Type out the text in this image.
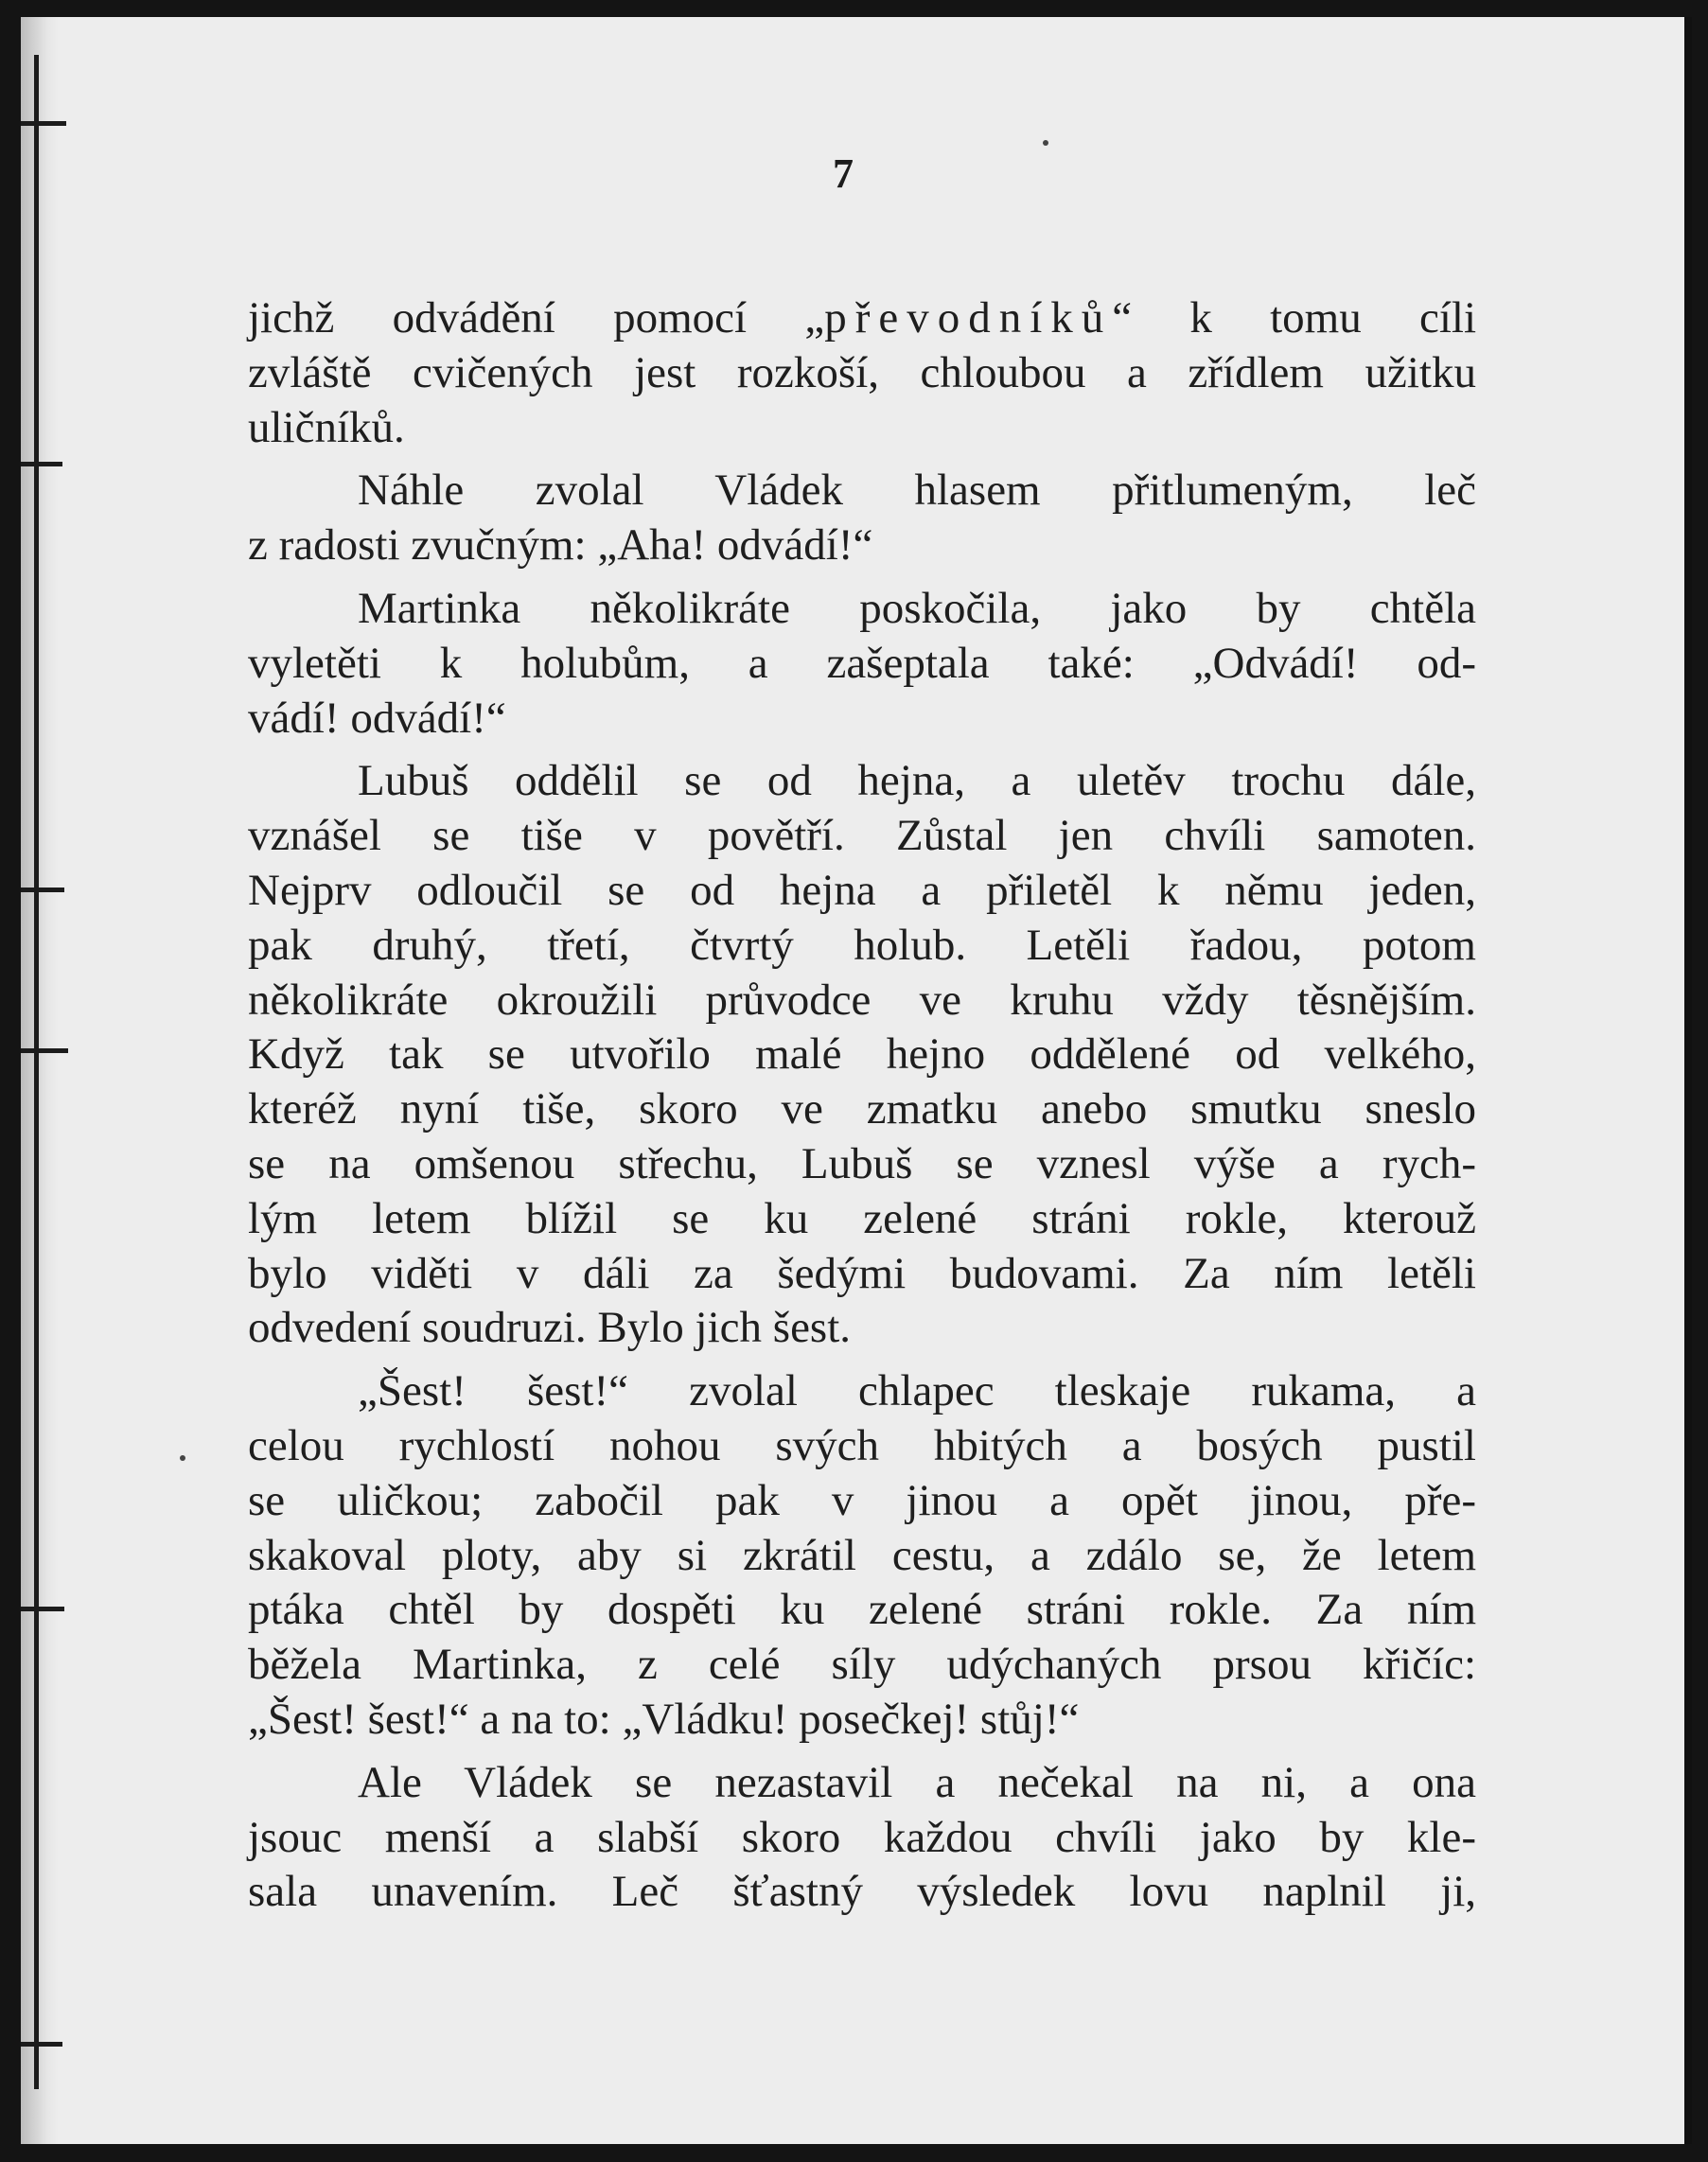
7
jichž odvádění pomocí „převodníků“ k tomu cíli
zvláště cvičených jest rozkoší, chloubou a zřídlem užitku
uličníků.
Náhle zvolal Vládek hlasem přitlumeným, leč
z radosti zvučným: „Aha! odvádí!“
Martinka několikráte poskočila, jako by chtěla
vyletěti k holubům, a zašeptala také: „Odvádí! od-
vádí! odvádí!“
Lubuš oddělil se od hejna, a uletěv trochu dále,
vznášel se tiše v povětří. Zůstal jen chvíli samoten.
Nejprv odloučil se od hejna a přiletěl k němu jeden,
pak druhý, třetí, čtvrtý holub. Letěli řadou, potom
několikráte okroužili průvodce ve kruhu vždy těsnějším.
Když tak se utvořilo malé hejno oddělené od velkého,
kteréž nyní tiše, skoro ve zmatku anebo smutku sneslo
se na omšenou střechu, Lubuš se vznesl výše a rych-
lým letem blížil se ku zelené stráni rokle, kterouž
bylo viděti v dáli za šedými budovami. Za ním letěli
odvedení soudruzi. Bylo jich šest.
„Šest! šest!“ zvolal chlapec tleskaje rukama, a
celou rychlostí nohou svých hbitých a bosých pustil
se uličkou; zabočil pak v jinou a opět jinou, pře-
skakoval ploty, aby si zkrátil cestu, a zdálo se, že letem
ptáka chtěl by dospěti ku zelené stráni rokle. Za ním
běžela Martinka, z celé síly udýchaných prsou křičíc:
„Šest! šest!“ a na to: „Vládku! posečkej! stůj!“
Ale Vládek se nezastavil a nečekal na ni, a ona
jsouc menší a slabší skoro každou chvíli jako by kle-
sala unavením. Leč šťastný výsledek lovu naplnil ji,
